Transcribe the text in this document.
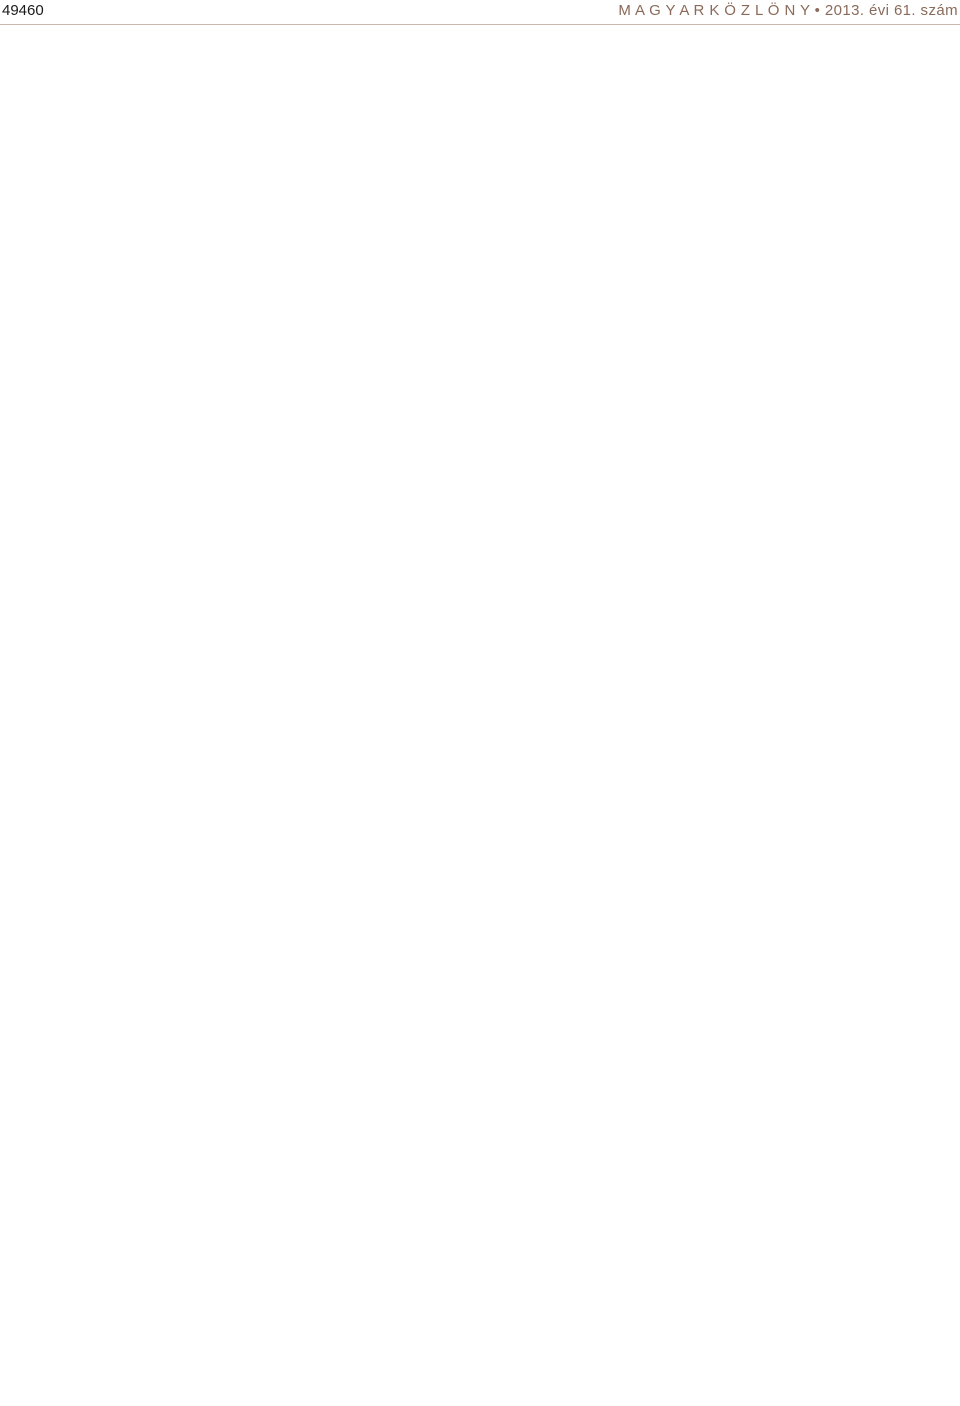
49460	M A G Y A R K Ö Z L Ö N Y • 2013. évi 61. szám
